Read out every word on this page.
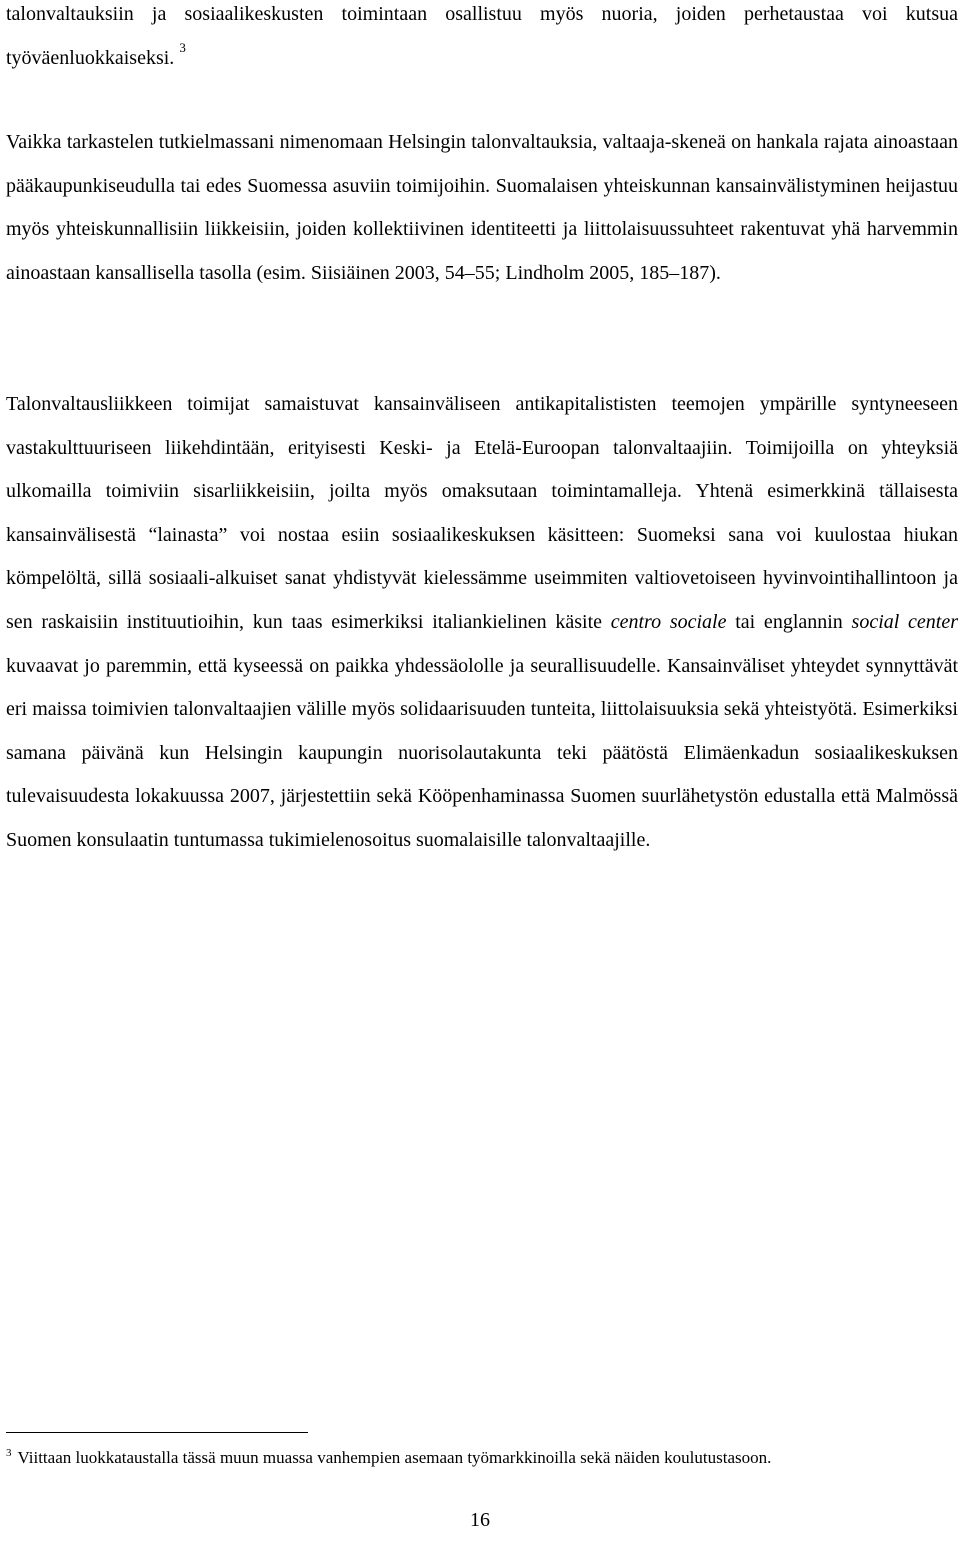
talonvaltauksiin ja sosiaalikeskusten toimintaan osallistuu myös nuoria, joiden perhetaustaa voi kutsua työväenluokkaiseksi. $^3$

Vaikka tarkastelen tutkielmassani nimenomaan Helsingin talonvaltauksia, valtaaja-skeneä on hankala rajata ainoastaan pääkaupunkiseudulla tai edes Suomessa asuviin toimijoihin. Suomalaisen yhteiskunnan kansainvälistyminen heijastuu myös yhteiskunnallisiin liikkeisiin, joiden kollektiivinen identiteetti ja liittolaisuussuhteet rakentuvat yhä harvemmin ainoastaan kansallisella tasolla (esim. Siisiäinen 2003, 54–55; Lindholm 2005, 185–187).

Talonvaltausliikkeen toimijat samaistuvat kansainväliseen antikapitalististen teemojen ympärille syntyneeseen vastakulttuuriseen liikehdintään, erityisesti Keski- ja Etelä-Euroopan talonvaltaajiin. Toimijoilla on yhteyksiä ulkomailla toimiviin sisarliikkeisiin, joilta myös omaksutaan toimintamalleja. Yhtenä esimerkkinä tällaisesta kansainvälisestä “lainasta” voi nostaa esiin sosiaalikeskuksen käsitteen: Suomeksi sana voi kuulostaa hiukan kömpelöltä, sillä sosiaali-alkuiset sanat yhdistyvät kielessämme useimmiten valtiovetoiseen hyvinvointihallintoon ja sen raskaisiin instituutioihin, kun taas esimerkiksi italiankielinen käsite centro sociale tai englannin social center kuvaavat jo paremmin, että kyseessä on paikka yhdessäololle ja seurallisuudelle. Kansainväliset yhteydet synnyttävät eri maissa toimivien talonvaltaajien välille myös solidaarisuuden tunteita, liittolaisuuksia sekä yhteistyötä. Esimerkiksi samana päivänä kun Helsingin kaupungin nuorisolautakunta teki päätöstä Elimäenkadun sosiaalikeskuksen tulevaisuudesta lokakuussa 2007, järjestettiin sekä Kööpenhaminassa Suomen suurlähetystön edustalla että Malmössä Suomen konsulaatin tuntumassa tukimielenosoitus suomalaisille talonvaltaajille.

$^3$ Viittaan luokkataustalla tässä muun muassa vanhempien asemaan työmarkkinoilla sekä näiden koulutustasoon.

16
